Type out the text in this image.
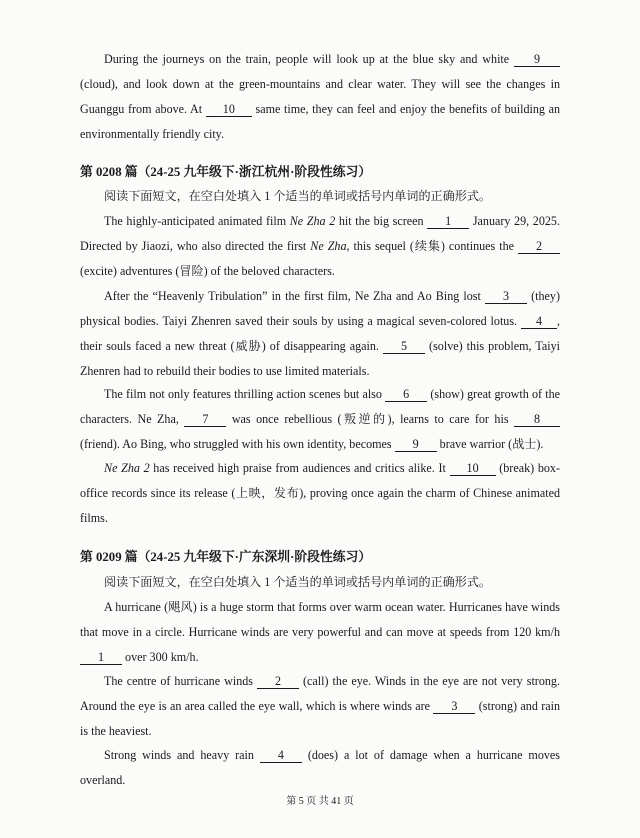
During the journeys on the train, people will look up at the blue sky and white 9 (cloud), and look down at the green-mountains and clear water. They will see the changes in Guanggu from above. At 10 same time, they can feel and enjoy the benefits of building an environmentally friendly city.
第 0208 篇（24-25 九年级下·浙江杭州·阶段性练习）
阅读下面短文，在空白处填入 1 个适当的单词或括号内单词的正确形式。
The highly-anticipated animated film Ne Zha 2 hit the big screen 1 January 29, 2025. Directed by Jiaozi, who also directed the first Ne Zha, this sequel (续集) continues the 2 (excite) adventures (冒险) of the beloved characters.
After the “Heavenly Tribulation” in the first film, Ne Zha and Ao Bing lost 3 (they) physical bodies. Taiyi Zhenren saved their souls by using a magical seven-colored lotus. 4 , their souls faced a new threat (威胁) of disappearing again. 5 (solve) this problem, Taiyi Zhenren had to rebuild their bodies to use limited materials.
The film not only features thrilling action scenes but also 6 (show) great growth of the characters. Ne Zha, 7 was once rebellious (叛逆的), learns to care for his 8 (friend). Ao Bing, who struggled with his own identity, becomes 9 brave warrior (战士).
Ne Zha 2 has received high praise from audiences and critics alike. It 10 (break) box-office records since its release (上映，发布), proving once again the charm of Chinese animated films.
第 0209 篇（24-25 九年级下·广东深圳·阶段性练习）
阅读下面短文，在空白处填入 1 个适当的单词或括号内单词的正确形式。
A hurricane (飓风) is a huge storm that forms over warm ocean water. Hurricanes have winds that move in a circle. Hurricane winds are very powerful and can move at speeds from 120 km/h 1 over 300 km/h.
The centre of hurricane winds 2 (call) the eye. Winds in the eye are not very strong. Around the eye is an area called the eye wall, which is where winds are 3 (strong) and rain is the heaviest.
Strong winds and heavy rain 4 (does) a lot of damage when a hurricane moves overland.
第 5 页 共 41 页
